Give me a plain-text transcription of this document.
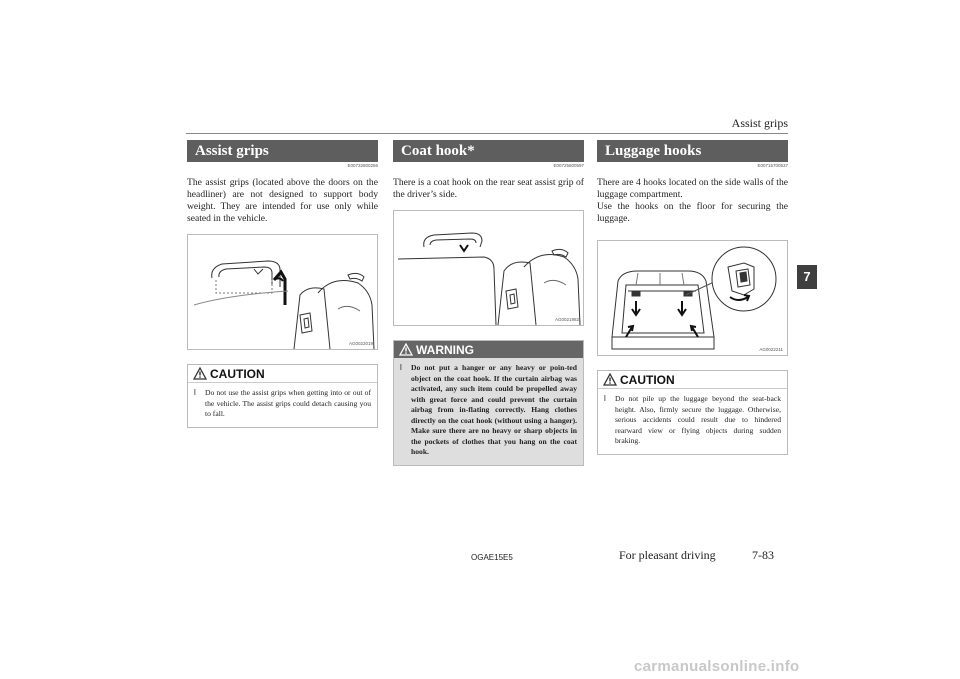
Assist grips
7
Assist grips
E00732800256

The assist grips (located above the doors on the headliner) are not designed to support body weight. They are intended for use only while seated in the vehicle.

AG0022019
CAUTION
l	Do not use the assist grips when getting into or out of the vehicle. The assist grips could detach causing you to fall.
Coat hook*
E00725600597

There is a coat hook on the rear seat assist grip of the driver’s side.

AG0021982
WARNING
l	Do not put a hanger or any heavy or poin-ted object on the coat hook. If the curtain airbag was activated, any such item could be propelled away with great force and could prevent the curtain airbag from in-flating correctly. Hang clothes directly on the coat hook (without using a hanger). Make sure there are no heavy or sharp objects in the pockets of clothes that you hang on the coat hook.
Luggage hooks
E00715700537

There are 4 hooks located on the side walls of the luggage compartment.

Use the hooks on the floor for securing the luggage.

AG0022211
CAUTION
l	Do not pile up the luggage beyond the seat-back height. Also, firmly secure the luggage. Otherwise, serious accidents could result due to hindered rearward view or flying objects during sudden braking.
OGAE15E5	For pleasant driving	7-83
carmanualsonline.info
